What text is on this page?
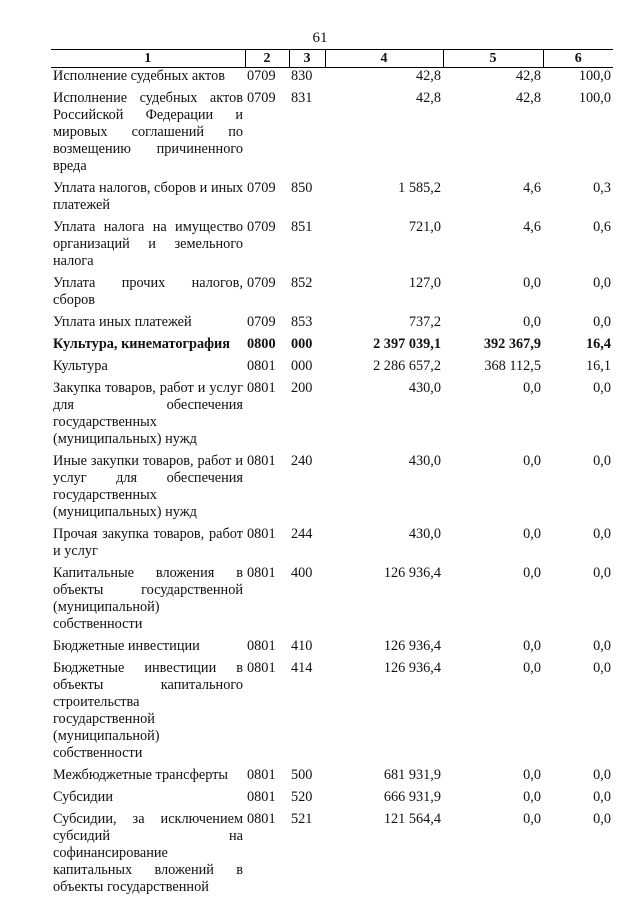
61
1	2	3	4	5	6
Исполнение судебных актов	0709	830	42,8	42,8	100,0
Исполнение судебных актов Российской Федерации и мировых соглашений по возмещению причиненного вреда	0709	831	42,8	42,8	100,0
Уплата налогов, сборов и иных платежей	0709	850	1 585,2	4,6	0,3
Уплата налога на имущество организаций и земельного налога	0709	851	721,0	4,6	0,6
Уплата прочих налогов, сборов	0709	852	127,0	0,0	0,0
Уплата иных платежей	0709	853	737,2	0,0	0,0
Культура, кинематография	0800	000	2 397 039,1	392 367,9	16,4
Культура	0801	000	2 286 657,2	368 112,5	16,1
Закупка товаров, работ и услуг для обеспечения государственных (муниципальных) нужд	0801	200	430,0	0,0	0,0
Иные закупки товаров, работ и услуг для обеспечения государственных (муниципальных) нужд	0801	240	430,0	0,0	0,0
Прочая закупка товаров, работ и услуг	0801	244	430,0	0,0	0,0
Капитальные вложения в объекты государственной (муниципальной) собственности	0801	400	126 936,4	0,0	0,0
Бюджетные инвестиции	0801	410	126 936,4	0,0	0,0
Бюджетные инвестиции в объекты капитального строительства государственной (муниципальной) собственности	0801	414	126 936,4	0,0	0,0
Межбюджетные трансферты	0801	500	681 931,9	0,0	0,0
Субсидии	0801	520	666 931,9	0,0	0,0
Субсидии, за исключением субсидий на софинансирование капитальных вложений в объекты государственной	0801	521	121 564,4	0,0	0,0
